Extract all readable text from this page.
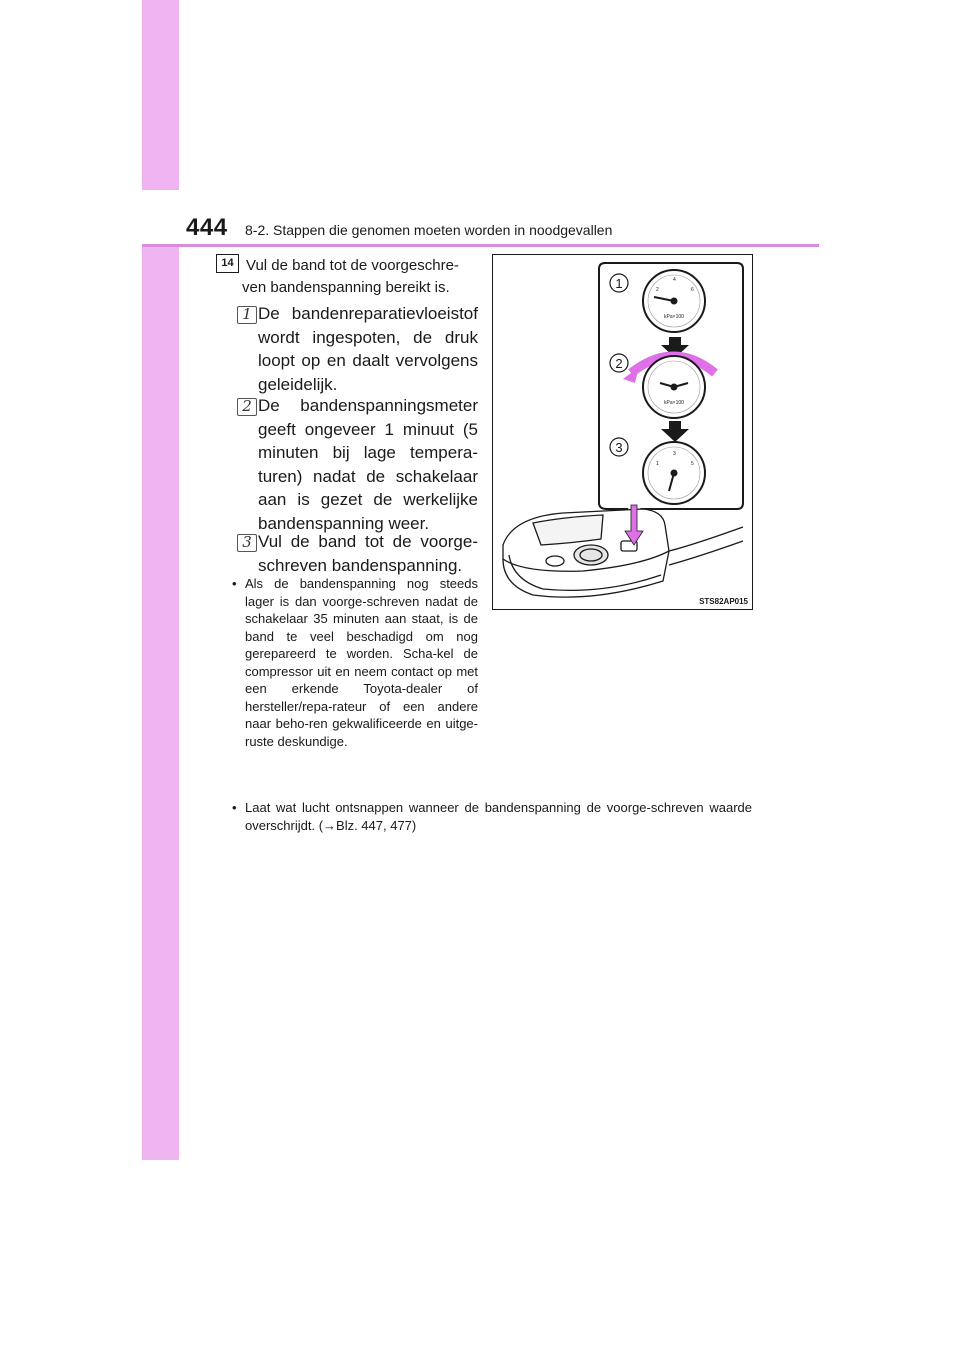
444 8-2. Stappen die genomen moeten worden in noodgevallen
14 Vul de band tot de voorgeschre-
ven bandenspanning bereikt is.
1 De bandenreparatievloeistof wordt ingespoten, de druk loopt op en daalt vervolgens geleidelijk.
2 De bandenspanningsmeter geeft ongeveer 1 minuut (5 minuten bij lage tempera-turen) nadat de schakelaar aan is gezet de werkelijke bandenspanning weer.
3 Vul de band tot de voorge-schreven bandenspanning.
• Als de bandenspanning nog steeds lager is dan voorge-schreven nadat de schakelaar 35 minuten aan staat, is de band te veel beschadigd om nog gerepareerd te worden. Scha-kel de compressor uit en neem contact op met een erkende Toyota-dealer of hersteller/repa-rateur of een andere naar beho-ren gekwalificeerde en uitge-ruste deskundige.
• Laat wat lucht ontsnappen wanneer de bandenspanning de voorge-schreven waarde overschrijdt. (→Blz. 447, 477)
1
2
3
kPa×100
2
4
6
kPa×100
1
3
5
STS82AP015
